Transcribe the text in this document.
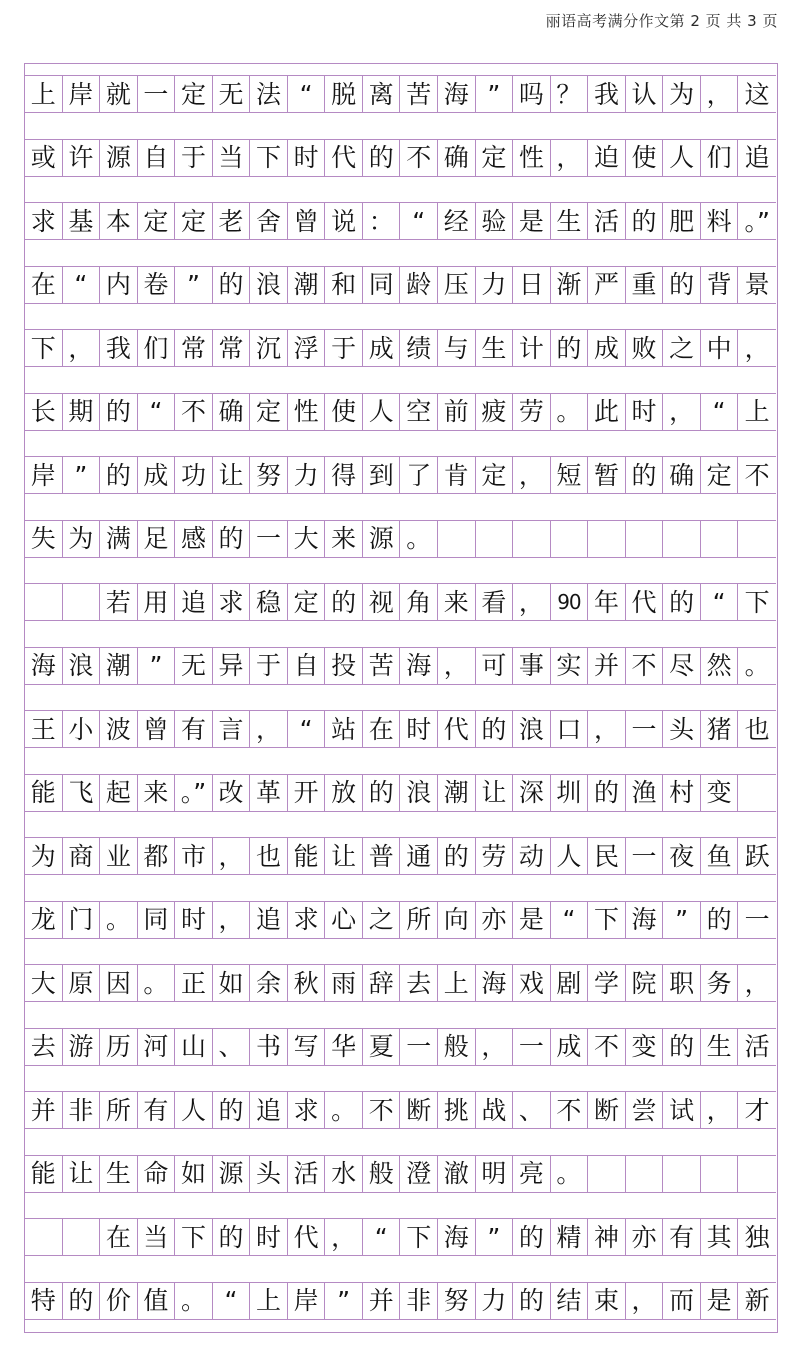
丽语高考满分作文第 2 页 共 3 页
上 岸 就 一 定 无 法 “ 脱 离 苦 海 ” 吗 ？ 我 认 为 ， 这
或 许 源 自 于 当 下 时 代 的 不 确 定 性 ， 迫 使 人 们 追
求 基 本 定 定 老 舍 曾 说 ： “ 经 验 是 生 活 的 肥 料 。”
在 “ 内 卷 ” 的 浪 潮 和 同 龄 压 力 日 渐 严 重 的 背 景
下 ， 我 们 常 常 沉 浮 于 成 绩 与 生 计 的 成 败 之 中 ，
长 期 的 “ 不 确 定 性 使 人 空 前 疲 劳 。 此 时 ， “ 上
岸 ” 的 成 功 让 努 力 得 到 了 肯 定 ， 短 暂 的 确 定 不
失 为 满 足 感 的 一 大 来 源 。
若 用 追 求 稳 定 的 视 角 来 看 ， 90 年 代 的 “ 下
海 浪 潮 ” 无 异 于 自 投 苦 海 ， 可 事 实 并 不 尽 然 。
王 小 波 曾 有 言 ， “ 站 在 时 代 的 浪 口 ， 一 头 猪 也
能 飞 起 来 。” 改 革 开 放 的 浪 潮 让 深 圳 的 渔 村 变
为 商 业 都 市 ， 也 能 让 普 通 的 劳 动 人 民 一 夜 鱼 跃
龙 门 。 同 时 ， 追 求 心 之 所 向 亦 是 “ 下 海 ” 的 一
大 原 因 。 正 如 余 秋 雨 辞 去 上 海 戏 剧 学 院 职 务 ，
去 游 历 河 山 、 书 写 华 夏 一 般 ， 一 成 不 变 的 生 活
并 非 所 有 人 的 追 求 。 不 断 挑 战 、 不 断 尝 试 ， 才
能 让 生 命 如 源 头 活 水 般 澄 澈 明 亮 。
在 当 下 的 时 代 ， “ 下 海 ” 的 精 神 亦 有 其 独
特 的 价 值 。 “ 上 岸 ” 并 非 努 力 的 结 束 ， 而 是 新
